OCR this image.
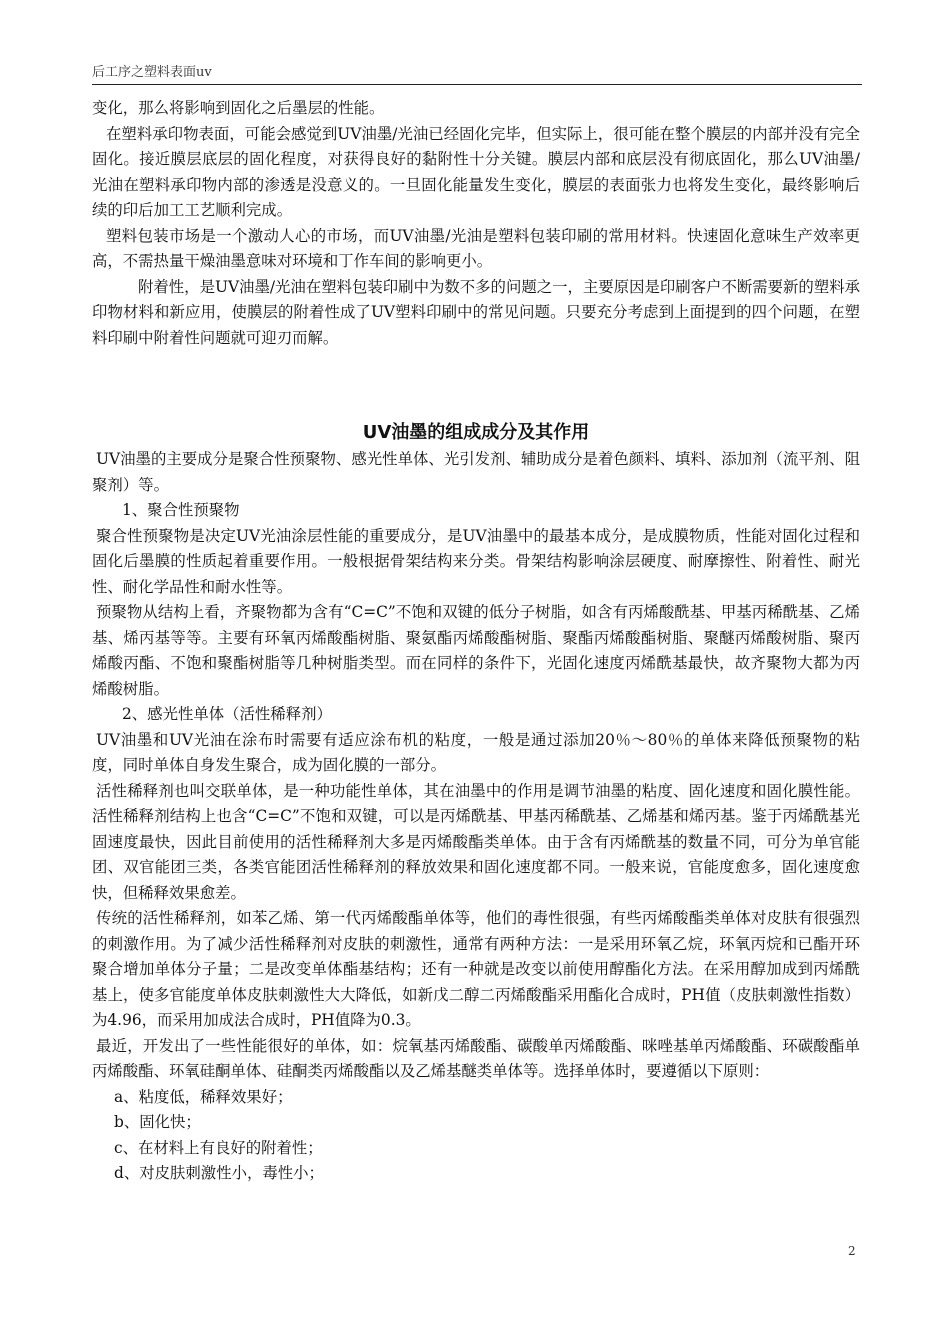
后工序之塑料表面uv

变化，那么将影响到固化之后墨层的性能。

在塑料承印物表面，可能会感觉到UV油墨/光油已经固化完毕，但实际上，很可能在整个膜层的内部并没有完全固化。接近膜层底层的固化程度，对获得良好的黏附性十分关键。膜层内部和底层没有彻底固化，那么UV油墨/光油在塑料承印物内部的渗透是没意义的。一旦固化能量发生变化，膜层的表面张力也将发生变化，最终影响后续的印后加工工艺顺利完成。

塑料包装市场是一个激动人心的市场，而UV油墨/光油是塑料包装印刷的常用材料。快速固化意味生产效率更高，不需热量干燥油墨意味对环境和丁作车间的影响更小。

附着性，是UV油墨/光油在塑料包装印刷中为数不多的问题之一，主要原因是印刷客户不断需要新的塑料承印物材料和新应用，使膜层的附着性成了UV塑料印刷中的常见问题。只要充分考虑到上面提到的四个问题，在塑料印刷中附着性问题就可迎刃而解。

UV油墨的组成成分及其作用

UV油墨的主要成分是聚合性预聚物、感光性单体、光引发剂、辅助成分是着色颜料、填料、添加剂（流平剂、阻聚剂）等。

1、聚合性预聚物

聚合性预聚物是决定UV光油涂层性能的重要成分，是UV油墨中的最基本成分，是成膜物质，性能对固化过程和固化后墨膜的性质起着重要作用。一般根据骨架结构来分类。骨架结构影响涂层硬度、耐摩擦性、附着性、耐光性、耐化学品性和耐水性等。

预聚物从结构上看，齐聚物都为含有“C=C”不饱和双键的低分子树脂，如含有丙烯酸酰基、甲基丙稀酰基、乙烯基、烯丙基等等。主要有环氧丙烯酸酯树脂、聚氨酯丙烯酸酯树脂、聚酯丙烯酸酯树脂、聚醚丙烯酸树脂、聚丙烯酸丙酯、不饱和聚酯树脂等几种树脂类型。而在同样的条件下，光固化速度丙烯酰基最快，故齐聚物大都为丙烯酸树脂。

2、感光性单体（活性稀释剂）

UV油墨和UV光油在涂布时需要有适应涂布机的粘度，一般是通过添加20％～80％的单体来降低预聚物的粘度，同时单体自身发生聚合，成为固化膜的一部分。

活性稀释剂也叫交联单体，是一种功能性单体，其在油墨中的作用是调节油墨的粘度、固化速度和固化膜性能。活性稀释剂结构上也含“C=C”不饱和双键，可以是丙烯酰基、甲基丙稀酰基、乙烯基和烯丙基。鉴于丙烯酰基光固速度最快，因此目前使用的活性稀释剂大多是丙烯酸酯类单体。由于含有丙烯酰基的数量不同，可分为单官能团、双官能团三类，各类官能团活性稀释剂的释放效果和固化速度都不同。一般来说，官能度愈多，固化速度愈快，但稀释效果愈差。

传统的活性稀释剂，如苯乙烯、第一代丙烯酸酯单体等，他们的毒性很强，有些丙烯酸酯类单体对皮肤有很强烈的刺激作用。为了减少活性稀释剂对皮肤的刺激性，通常有两种方法：一是采用环氧乙烷，环氧丙烷和已酯开环聚合增加单体分子量；二是改变单体酯基结构；还有一种就是改变以前使用醇酯化方法。在采用醇加成到丙烯酰基上，使多官能度单体皮肤刺激性大大降低，如新戊二醇二丙烯酸酯采用酯化合成时，PH值（皮肤刺激性指数）为4.96，而采用加成法合成时，PH值降为0.3。

最近，开发出了一些性能很好的单体，如：烷氧基丙烯酸酯、碳酸单丙烯酸酯、咪唑基单丙烯酸酯、环碳酸酯单丙烯酸酯、环氧硅酮单体、硅酮类丙烯酸酯以及乙烯基醚类单体等。选择单体时，要遵循以下原则：

a、粘度低，稀释效果好；

b、固化快；

c、在材料上有良好的附着性；

d、对皮肤刺激性小，毒性小；

2
